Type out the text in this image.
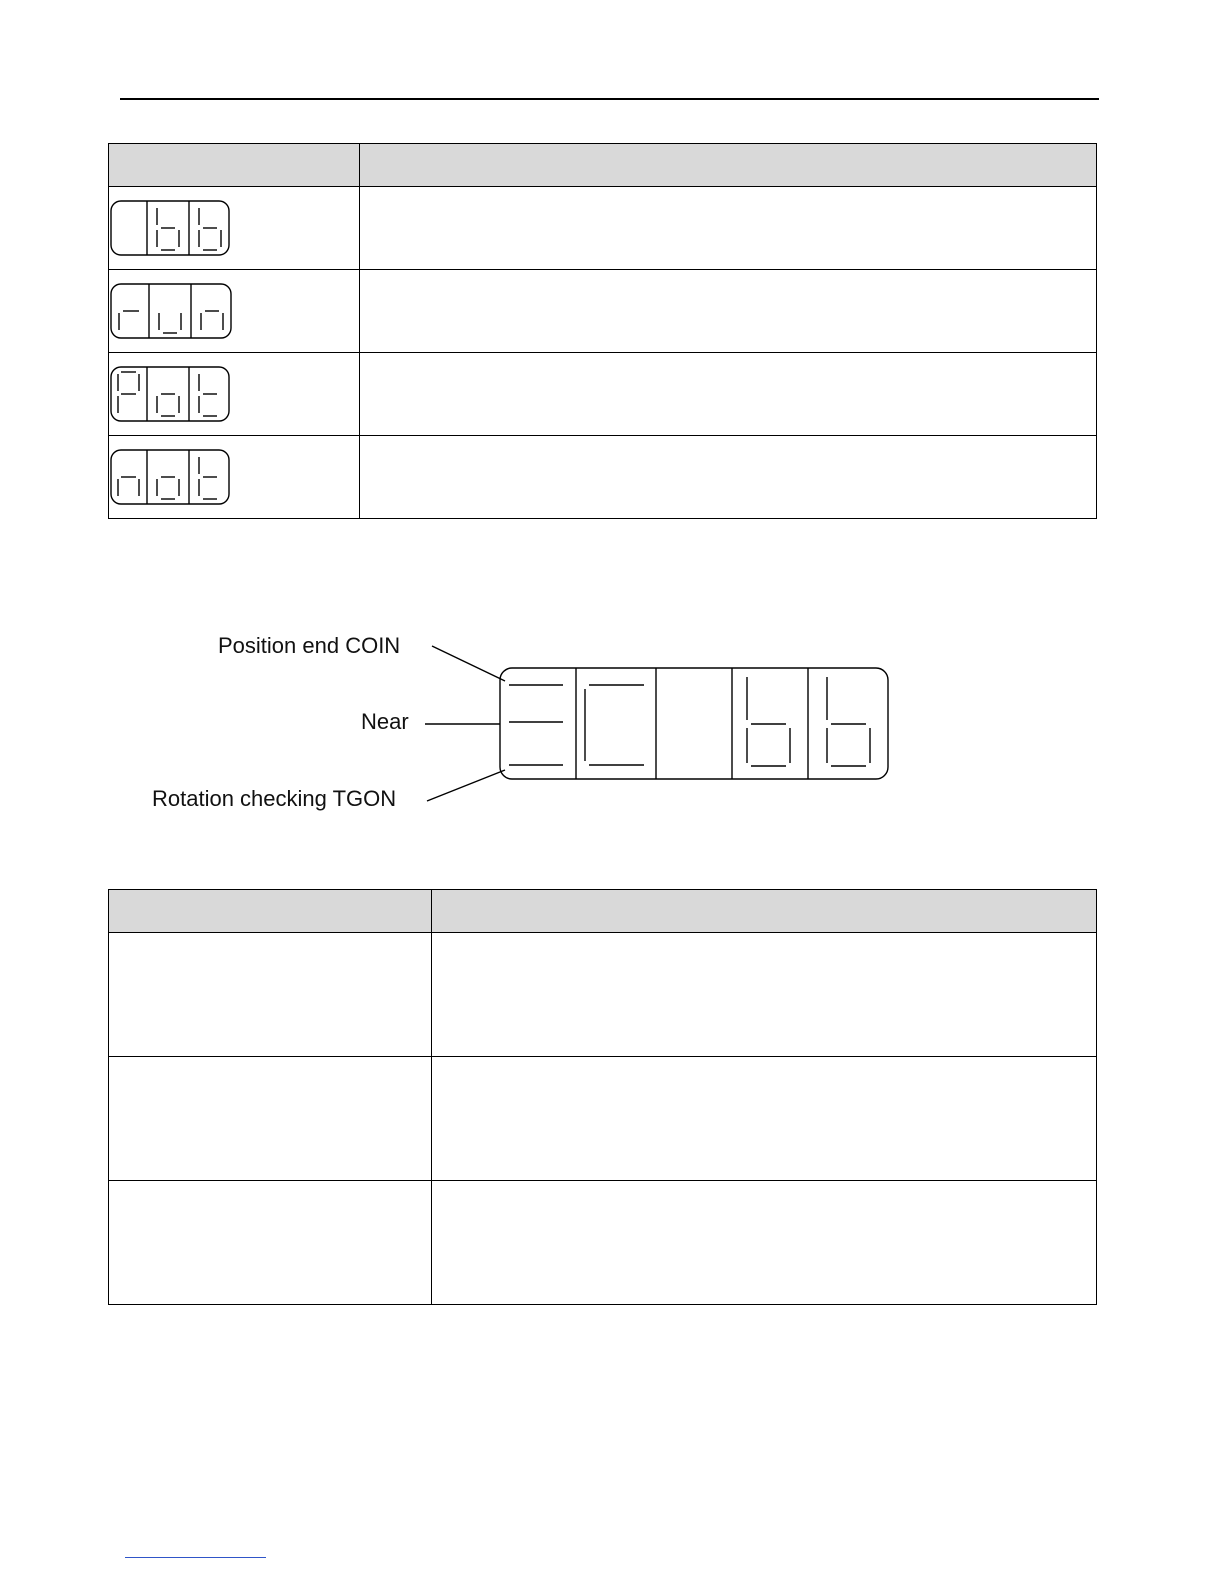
Position end COIN
Near
Rotation checking TGON
